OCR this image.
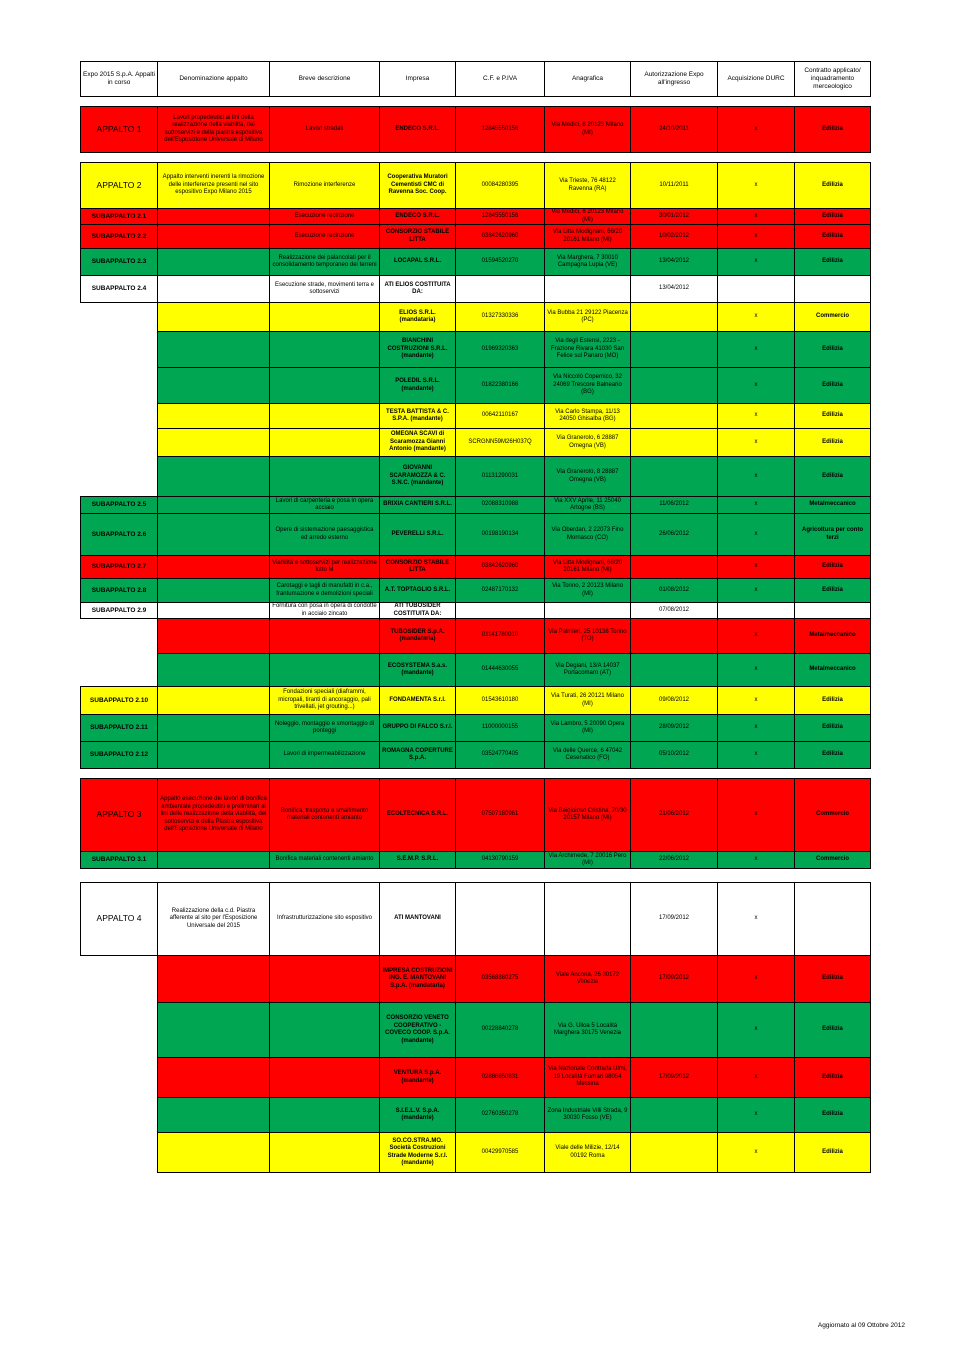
Expo 2015 S.p.A. Appalti in corso	Denominazione appalto	Breve descrizione	Impresa	C.F. e P.IVA	Anagrafica	Autorizzazione Expo all'ingresso	Acquisizione DURC	Contratto applicato/ inquadramento merceologico

APPALTO 1	Lavori propedeutici ai lini della realizzazione della viabilità, dei sottoservizi e della piastra espositiva dell'Esposizione Universale di Milano	Lavori stradali	ENDECO S.R.L.	12845550156	Via Medici, 8 20123 Milano (MI)	24/10/2011	x	Edilizia

APPALTO 2	Appalto interventi inerenti la rimozione delle interferenze presenti nel sito espositivo Expo Milano 2015	Rimozione interferenze	Cooperativa Muratori Cementisti CMC di Ravenna Soc. Coop.	00084280395	Via Trieste, 76 48122 Ravenna (RA)	10/11/2011	x	Edilizia
SUBAPPALTO 2.1		Esecuzione recinzione	ENDECO S.R.L.	12845550156	Via Medici, 8 20123 Milano (MI)	30/01/2012	x	Edilizia
SUBAPPALTO 2.2		Esecuzione recinzione	CONSORZIO STABILE LITTA	03842620960	Via Litta Modignani, 66/20 20161 Milano (MI)	10/02/2012	x	Edilizia
SUBAPPALTO 2.3		Realizzazione dei palancolati per il consolidamento temporaneo dei terreni	LOCAPAL S.R.L.	01594520270	Via Marghera, 7 30010 Campagna Lupia (VE)	13/04/2012	x	Edilizia
SUBAPPALTO 2.4		Esecuzione strade, movimenti terra e sottoservizi	ATI ELIOS COSTITUITA DA:			13/04/2012		
			ELIOS S.R.L. (mandataria)	01327330336	Via Bubba 21 29122 Piacenza (PC)		x	Commercio
			BIANCHINI COSTRUZIONI S.R.L. (mandante)	01969320363	Via degli Estensi, 2223 - Frazione Rivara 41030 San Felice sul Panaro (MO)		x	Edilizia
			POLEDIL S.R.L. (mandante)	01822380166	Via Niccolò Copernico, 32 24069 Trescore Balneario (BG)		x	Edilizia
			TESTA BATTISTA & C. S.P.A. (mandante)	00642110167	Via Carlo Stampa, 11/13 24050 Ghisalba (BG)		x	Edilizia
			OMEGNA SCAVI di Scaramozza Gianni Antonio (mandante)	SCRGNN59M26H037Q	Via Granerolo, 6 28887 Omegna (VB)		x	Edilizia
			GIOVANNI SCARAMOZZA & C. S.N.C. (mandante)	01131290031	Via Granerolo, 8 28887 Omegna (VB)		x	Edilizia
SUBAPPALTO 2.5		Lavori di carpenteria e posa in opera acciaio	BRIXIA CANTIERI S.R.L.	02088310988	Via XXV Aprile, 11 25040 Artogne (BS)	11/06/2012	x	Metalmeccanico
SUBAPPALTO 2.6		Opere di sistemazione paesaggistica ed arredo esterno	PEVERELLI S.R.L.	00198190134	Via Oberdan, 2 22073 Fino Mornasco (CO)	26/06/2012	x	Agricoltura per conto terzi
SUBAPPALTO 2.7		Viabilità e sottoservizi per realizzazione lotto M	CONSORZIO STABILE LITTA	03842620960	Via Litta Modignani, 66/20 20161 Milano (MI)		x	Edilizia
SUBAPPALTO 2.8		Carotaggi e tagli di manufatti in c.a., frantumazione e demolizioni speciali	A.T. TOPTAGLIO S.R.L.	02487170132	Via Torino, 2 20123 Milano (MI)	01/08/2012	x	Edilizia
SUBAPPALTO 2.9		Fornitura con posa in opera di condotte in acciaio zincato	ATI TUBOSIDER COSTITUITA DA:			07/08/2012		
			TUBOSIDER S.p.A. (mandataria)	01141780010	Via Palmieri, 25 10138 Torino (TO)		x	Metalmeccanico
			ECOSYSTEMA S.a.s. (mandante)	01444630055	Via Degiani, 13/A 14037 Portacomaro (AT)		x	Metalmeccanico
SUBAPPALTO 2.10		Fondazioni speciali (diaframmi, micropali, tiranti di ancoraggio, pali trivellati, jet grouting...)	FONDAMENTA S.r.l.	01543610180	Via Turati, 26 20121 Milano (MI)	09/08/2012	x	Edilizia
SUBAPPALTO 2.11		Noleggio, montaggio e smontaggio di ponteggi	GRUPPO DI FALCO S.r.l.	11000000155	Via Lambro, 5 20090 Opera (MI)	28/09/2012	x	Edilizia
SUBAPPALTO 2.12		Lavori di impermeabilizzazione	ROMAGNA COPERTURE S.p.A.	03524770405	Via delle Querce, 6 47042 Cesenatico (FO)	05/10/2012	x	Edilizia

APPALTO 3	Appalto esecuzione dei lavori di bonifica ambientale propedeutici e preliminari ai lini delle realizzazione della viabilità, dei sottoservizi e della Piastra espositiva dell'Esposizione Universale di Milano	Bonifica, trasporto e smaltimento materiali contenenti amianto	ECOLTECNICA S.R.L.	07507180961	Via Beigioioso Cristina, 70/30 20157 Milano (MI)	21/06/2012	x	Commercio
SUBAPPALTO 3.1		Bonifica materiali contenenti amianto	S.E.M.P. S.R.L.	04130790159	Via Archimede, 7 20016 Pero (MI)	22/06/2012	x	Commercio

APPALTO 4	Realizzazione della c.d. Piastra afferente al sito per l'Esposizione Universale del 2015	Infrastrutturizzazione sito espositivo	ATI MANTOVANI			17/09/2012	x	
			IMPRESA COSTRUZIONI ING. E. MANTOVANI S.p.A. (mandataria)	03568880275	Viale Ancona, 26 30172 Venezia	17/09/2012	x	Edilizia
			CONSORZIO VENETO COOPERATIVO - COVECO COOP. S.p.A. (mandante)	00228840278	Via G. Ulloa 5 Località Marghera 30175 Venezia		x	Edilizia
			VENTURA S.p.A. (mandante)	02886650831	Via Nazionale Contrada Ulmi, 19 Località Fornari 98054 Messina	17/09/2012	x	Edilizia
			S.I.E.L.V. S.p.A. (mandante)	02760350278	Zona Industriale Villi Strada, 9 30030 Fosso (VE)		x	Edilizia
			SO.CO.STRA.MO. Società Costruzioni Strade Moderne S.r.l. (mandante)	00429970585	Viale delle Milizie, 12/14 00192 Roma		x	Edilizia
Aggiornato al 09 Ottobre 2012
